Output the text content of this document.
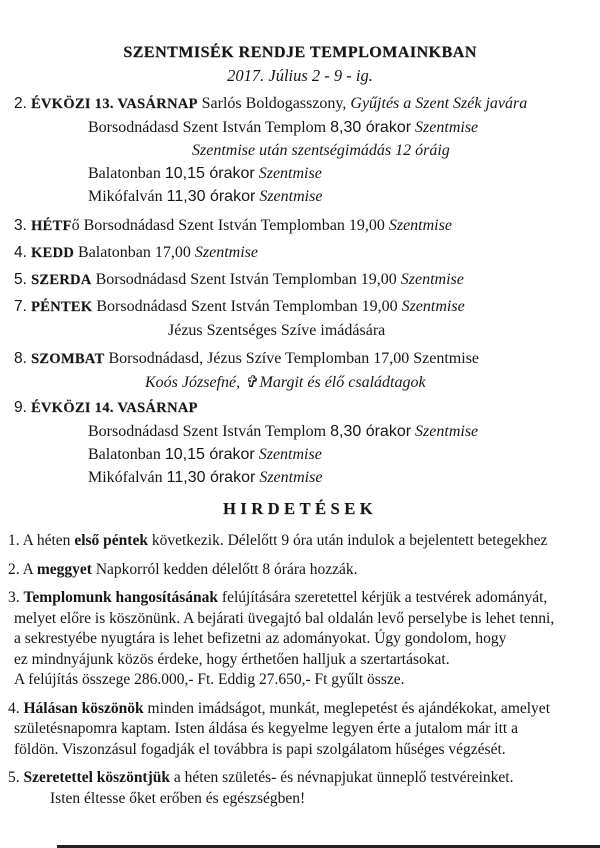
SZENTMISÉK RENDJE TEMPLOMAINKBAN
2017. Július 2 - 9 - ig.
2. ÉVKÖZI 13. VASÁRNAP Sarlós Boldogasszony, Gyűjtés a Szent Szék javára
Borsodnádasd Szent István Templom 8,30 órakor Szentmise
Szentmise után szentségimádás 12 óráig
Balatonban 10,15 órakor Szentmise
Mikófalván 11,30 órakor Szentmise
3. HÉTFő Borsodnádasd Szent István Templomban 19,00 Szentmise
4. KEDD Balatonban 17,00 Szentmise
5. SZERDA Borsodnádasd Szent István Templomban 19,00 Szentmise
7. PÉNTEK Borsodnádasd Szent István Templomban 19,00 Szentmise
Jézus Szentséges Szíve imádására
8. SZOMBAT Borsodnádasd, Jézus Szíve Templomban 17,00 Szentmise
Koós Józsefné, ✞ Margit és élő családtagok
9. ÉVKÖZI 14. VASÁRNAP
Borsodnádasd Szent István Templom 8,30 órakor Szentmise
Balatonban 10,15 órakor Szentmise
Mikófalván 11,30 órakor Szentmise
HIRDETÉSEK
1. A héten első péntek következik. Délelőtt 9 óra után indulok a bejelentett betegekhez
2. A meggyet Napkorról kedden délelőtt 8 órára hozzák.
3. Templomunk hangosításának felújítására szeretettel kérjük a testvérek adományát,
melyet előre is köszönünk. A bejárati üvegajtó bal oldalán levő perselybe is lehet tenni,
a sekrestyébe nyugtára is lehet befizetni az adományokat. Úgy gondolom, hogy
ez mindnyájunk közös érdeke, hogy érthetően halljuk a szertartásokat.
A felújítás összege 286.000,- Ft. Eddig 27.650,- Ft gyűlt össze.
4. Hálásan köszönök minden imádságot, munkát, meglepetést és ajándékokat, amelyet
születésnapomra kaptam. Isten áldása és kegyelme legyen érte a jutalom már itt a
földön. Viszonzásul fogadják el továbbra is papi szolgálatom hűséges végzését.
5. Szeretettel köszöntjük a héten születés- és névnapjukat ünneplő testvéreinket.
Isten éltesse őket erőben és egészségben!
